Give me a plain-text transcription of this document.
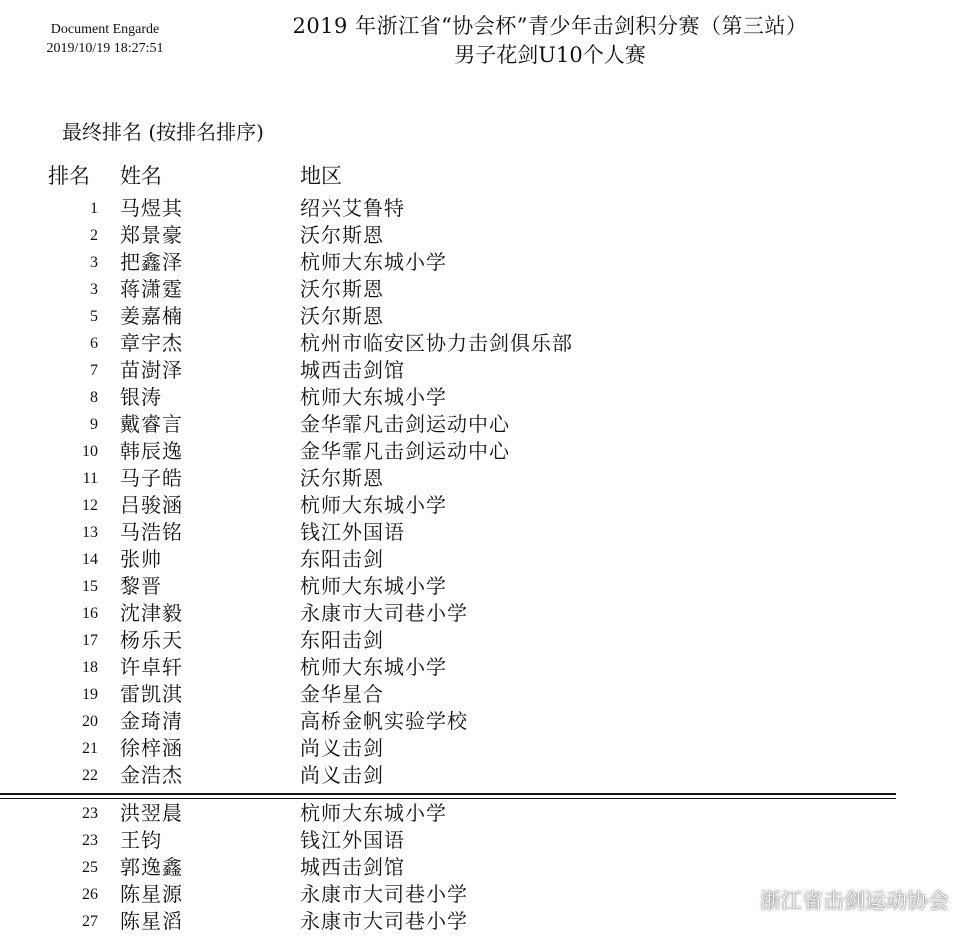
Document Engarde
2019/10/19 18:27:51
2019 年浙江省“协会杯”青少年击剑积分赛（第三站）
男子花剑U10个人赛
最终排名 (按排名排序)
排名 姓名	地区
1 马煜其	绍兴艾鲁特
2 郑景豪	沃尔斯恩
3 把鑫泽	杭师大东城小学
3 蒋潇霆	沃尔斯恩
5 姜嘉楠	沃尔斯恩
6 章宇杰	杭州市临安区协力击剑俱乐部
7 苗澍泽	城西击剑馆
8 银涛	杭师大东城小学
9 戴睿言	金华霏凡击剑运动中心
10 韩辰逸	金华霏凡击剑运动中心
11 马子皓	沃尔斯恩
12 吕骏涵	杭师大东城小学
13 马浩铭	钱江外国语
14 张帅	东阳击剑
15 黎晋	杭师大东城小学
16 沈津毅	永康市大司巷小学
17 杨乐天	东阳击剑
18 许卓轩	杭师大东城小学
19 雷凯淇	金华星合
20 金琦清	高桥金帆实验学校
21 徐梓涵	尚义击剑
22 金浩杰	尚义击剑
23 洪翌晨	杭师大东城小学
23 王钧	钱江外国语
25 郭逸鑫	城西击剑馆
26 陈星源	永康市大司巷小学
27 陈星滔	永康市大司巷小学
浙江省击剑运动协会
